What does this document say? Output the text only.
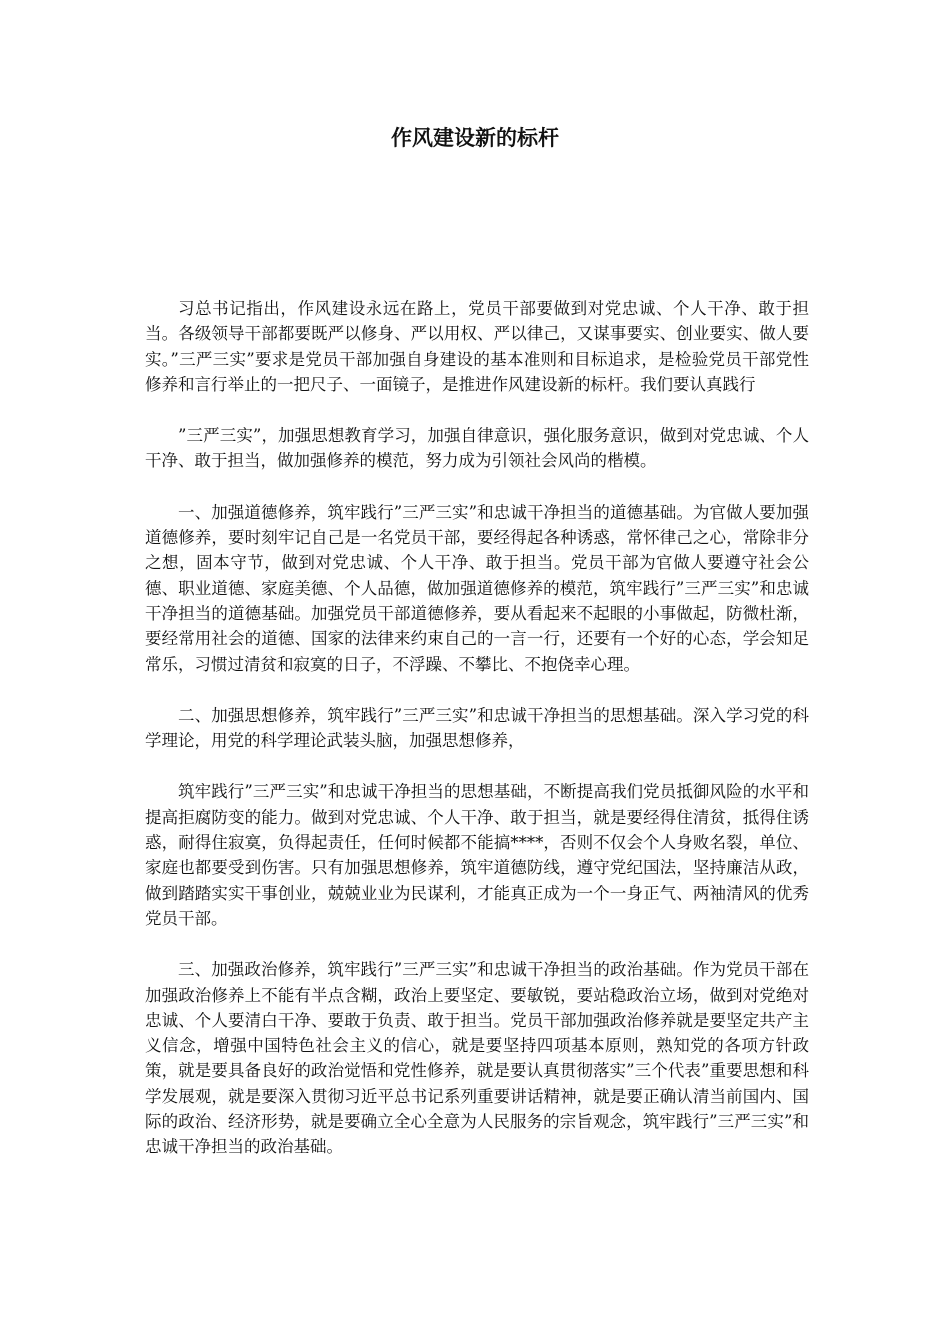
作风建设新的标杆

习总书记指出，作风建设永远在路上，党员干部要做到对党忠诚、个人干净、敢于担当。各级领导干部都要既严以修身、严以用权、严以律己，又谋事要实、创业要实、做人要实。”三严三实”要求是党员干部加强自身建设的基本准则和目标追求，是检验党员干部党性修养和言行举止的一把尺子、一面镜子，是推进作风建设新的标杆。我们要认真践行

”三严三实”，加强思想教育学习，加强自律意识，强化服务意识，做到对党忠诚、个人干净、敢于担当，做加强修养的模范，努力成为引领社会风尚的楷模。

一、加强道德修养，筑牢践行”三严三实”和忠诚干净担当的道德基础。为官做人要加强道德修养，要时刻牢记自己是一名党员干部，要经得起各种诱惑，常怀律己之心，常除非分之想，固本守节，做到对党忠诚、个人干净、敢于担当。党员干部为官做人要遵守社会公德、职业道德、家庭美德、个人品德，做加强道德修养的模范，筑牢践行”三严三实”和忠诚干净担当的道德基础。加强党员干部道德修养，要从看起来不起眼的小事做起，防微杜渐，要经常用社会的道德、国家的法律来约束自己的一言一行，还要有一个好的心态，学会知足常乐，习惯过清贫和寂寞的日子，不浮躁、不攀比、不抱侥幸心理。

二、加强思想修养，筑牢践行”三严三实”和忠诚干净担当的思想基础。深入学习党的科学理论，用党的科学理论武装头脑，加强思想修养，

筑牢践行”三严三实”和忠诚干净担当的思想基础，不断提高我们党员抵御风险的水平和提高拒腐防变的能力。做到对党忠诚、个人干净、敢于担当，就是要经得住清贫，抵得住诱惑，耐得住寂寞，负得起责任，任何时候都不能搞****，否则不仅会个人身败名裂，单位、家庭也都要受到伤害。只有加强思想修养，筑牢道德防线，遵守党纪国法，坚持廉洁从政，做到踏踏实实干事创业，兢兢业业为民谋利，才能真正成为一个一身正气、两袖清风的优秀党员干部。

三、加强政治修养，筑牢践行”三严三实”和忠诚干净担当的政治基础。作为党员干部在加强政治修养上不能有半点含糊，政治上要坚定、要敏锐，要站稳政治立场，做到对党绝对忠诚、个人要清白干净、要敢于负责、敢于担当。党员干部加强政治修养就是要坚定共产主义信念，增强中国特色社会主义的信心，就是要坚持四项基本原则，熟知党的各项方针政策，就是要具备良好的政治觉悟和党性修养，就是要认真贯彻落实”三个代表”重要思想和科学发展观，就是要深入贯彻习近平总书记系列重要讲话精神，就是要正确认清当前国内、国际的政治、经济形势，就是要确立全心全意为人民服务的宗旨观念，筑牢践行”三严三实”和忠诚干净担当的政治基础。
